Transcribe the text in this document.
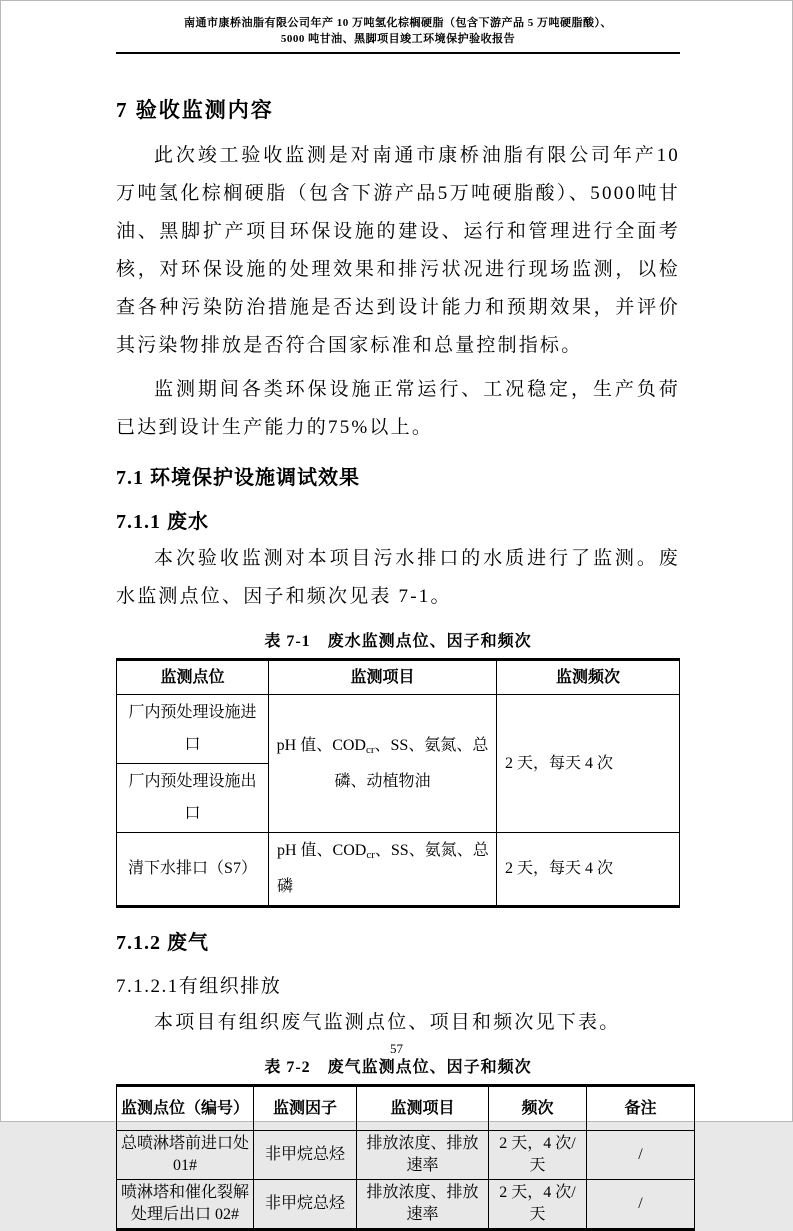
南通市康桥油脂有限公司年产 10 万吨氢化棕榈硬脂（包含下游产品 5 万吨硬脂酸）、
5000 吨甘油、黑脚项目竣工环境保护验收报告
7 验收监测内容

此次竣工验收监测是对南通市康桥油脂有限公司年产10万吨氢化棕榈硬脂（包含下游产品5万吨硬脂酸）、5000吨甘油、黑脚扩产项目环保设施的建设、运行和管理进行全面考核，对环保设施的处理效果和排污状况进行现场监测，以检查各种污染防治措施是否达到设计能力和预期效果，并评价其污染物排放是否符合国家标准和总量控制指标。

监测期间各类环保设施正常运行、工况稳定，生产负荷已达到设计生产能力的75%以上。

7.1 环境保护设施调试效果
7.1.1 废水

本次验收监测对本项目污水排口的水质进行了监测。废水监测点位、因子和频次见表 7-1。

表 7-1　废水监测点位、因子和频次
监测点位	监测项目	监测频次
厂内预处理设施进口	pH 值、$COD_{cr}$、SS、氨氮、总磷、动植物油	2 天，每天 4 次
厂内预处理设施出口		
清下水排口（S7）	pH 值、$COD_{cr}$、SS、氨氮、总磷	2 天，每天 4 次
7.1.2 废气
7.1.2.1有组织排放

本项目有组织废气监测点位、项目和频次见下表。

表 7-2　废气监测点位、因子和频次
监测点位（编号）	监测因子	监测项目	频次	备注
总喷淋塔前进口处 01#	非甲烷总烃	排放浓度、排放速率	2 天，4 次/天	/
喷淋塔和催化裂解处理后出口 02#	非甲烷总烃	排放浓度、排放速率	2 天，4 次/天	/
57
